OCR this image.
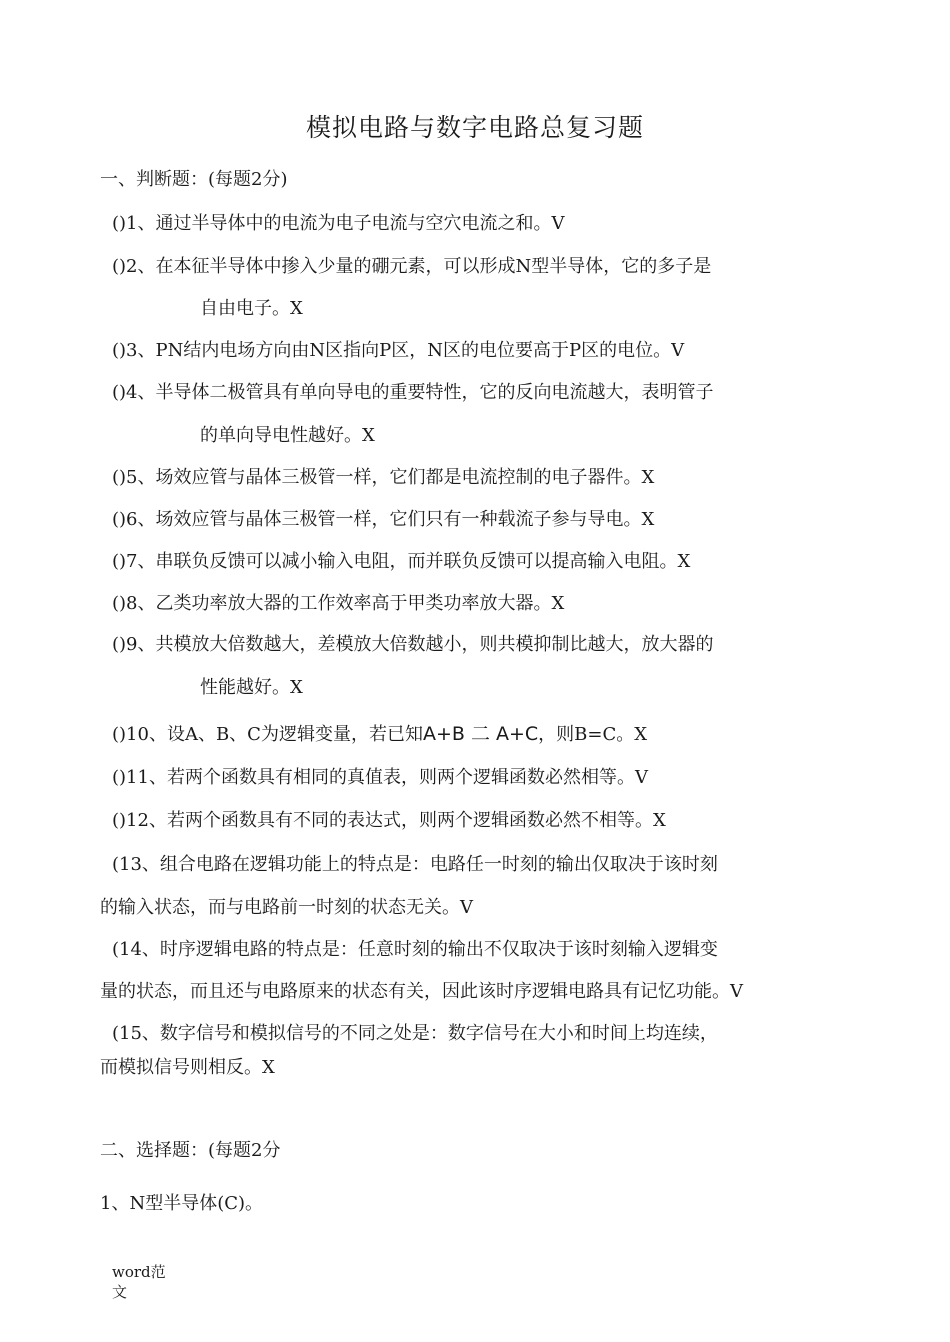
模拟电路与数字电路总复习题
一、判断题：(每题2分)
()1、通过半导体中的电流为电子电流与空穴电流之和。V
()2、在本征半导体中掺入少量的硼元素，可以形成N型半导体，它的多子是
自由电子。X
()3、PN结内电场方向由N区指向P区，N区的电位要高于P区的电位。V
()4、半导体二极管具有单向导电的重要特性，它的反向电流越大，表明管子
的单向导电性越好。X
()5、场效应管与晶体三极管一样，它们都是电流控制的电子器件。X
()6、场效应管与晶体三极管一样，它们只有一种载流子参与导电。X
()7、串联负反馈可以减小输入电阻，而并联负反馈可以提高输入电阻。X
()8、乙类功率放大器的工作效率高于甲类功率放大器。X
()9、共模放大倍数越大，差模放大倍数越小，则共模抑制比越大，放大器的
性能越好。X
()10、设A、B、C为逻辑变量，若已知A+B 二 A+C，则B=C。X
()11、若两个函数具有相同的真值表，则两个逻辑函数必然相等。V
()12、若两个函数具有不同的表达式，则两个逻辑函数必然不相等。X
(13、组合电路在逻辑功能上的特点是：电路任一时刻的输出仅取决于该时刻
的输入状态，而与电路前一时刻的状态无关。V
(14、时序逻辑电路的特点是：任意时刻的输出不仅取决于该时刻输入逻辑变
量的状态，而且还与电路原来的状态有关，因此该时序逻辑电路具有记忆功能。V
(15、数字信号和模拟信号的不同之处是：数字信号在大小和时间上均连续，
而模拟信号则相反。X
二、选择题：(每题2分
1、N型半导体(C)。
word范
文
